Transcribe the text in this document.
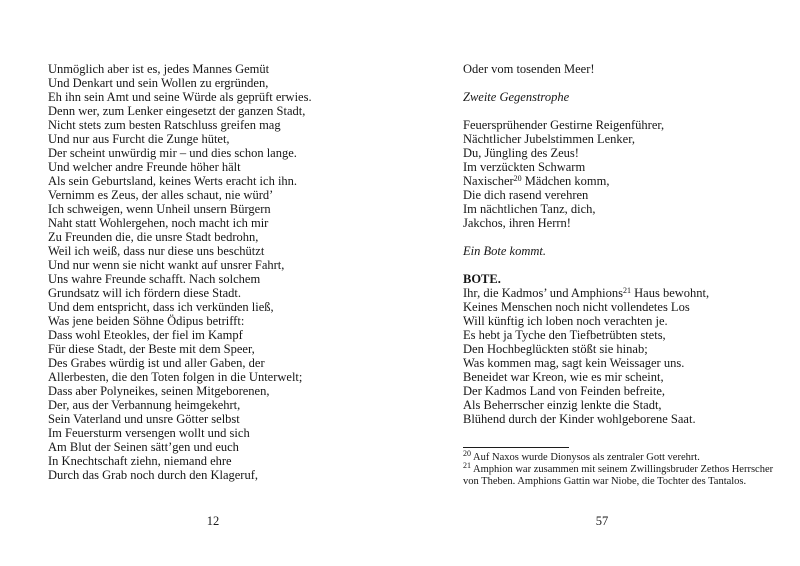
Unmöglich aber ist es, jedes Mannes Gemüt
Und Denkart und sein Wollen zu ergründen,
Eh ihn sein Amt und seine Würde als geprüft erwies.
Denn wer, zum Lenker eingesetzt der ganzen Stadt,
Nicht stets zum besten Ratschluss greifen mag
Und nur aus Furcht die Zunge hütet,
Der scheint unwürdig mir – und dies schon lange.
Und welcher andre Freunde höher hält
Als sein Geburtsland, keines Werts eracht ich ihn.
Vernimm es Zeus, der alles schaut, nie würd’
Ich schweigen, wenn Unheil unsern Bürgern
Naht statt Wohlergehen, noch macht ich mir
Zu Freunden die, die unsre Stadt bedrohn,
Weil ich weiß, dass nur diese uns beschützt
Und nur wenn sie nicht wankt auf unsrer Fahrt,
Uns wahre Freunde schafft. Nach solchem
Grundsatz will ich fördern diese Stadt.
Und dem entspricht, dass ich verkünden ließ,
Was jene beiden Söhne Ödipus betrifft:
Dass wohl Eteokles, der fiel im Kampf
Für diese Stadt, der Beste mit dem Speer,
Des Grabes würdig ist und aller Gaben, der
Allerbesten, die den Toten folgen in die Unterwelt;
Dass aber Polyneikes, seinen Mitgeborenen,
Der, aus der Verbannung heimgekehrt,
Sein Vaterland und unsre Götter selbst
Im Feuersturm versengen wollt und sich
Am Blut der Seinen sätt’gen und euch
In Knechtschaft ziehn, niemand ehre
Durch das Grab noch durch den Klageruf,
Oder vom tosenden Meer!

Zweite Gegenstrophe

Feuersprühender Gestirne Reigenführer,
Nächtlicher Jubelstimmen Lenker,
Du, Jüngling des Zeus!
Im verzückten Schwarm
Naxischer$^{20}$ Mädchen komm,
Die dich rasend verehren
Im nächtlichen Tanz, dich,
Jakchos, ihren Herrn!

Ein Bote kommt.

BOTE.
Ihr, die Kadmos’ und Amphions$^{21}$ Haus bewohnt,
Keines Menschen noch nicht vollendetes Los
Will künftig ich loben noch verachten je.
Es hebt ja Tyche den Tiefbetrübten stets,
Den Hochbeglückten stößt sie hinab;
Was kommen mag, sagt kein Weissager uns.
Beneidet war Kreon, wie es mir scheint,
Der Kadmos Land von Feinden befreite,
Als Beherrscher einzig lenkte die Stadt,
Blühend durch der Kinder wohlgeborene Saat.
$^{20}$ Auf Naxos wurde Dionysos als zentraler Gott verehrt.
$^{21}$ Amphion war zusammen mit seinem Zwillingsbruder Zethos Herrscher von Theben. Amphions Gattin war Niobe, die Tochter des Tantalos.
12	57
